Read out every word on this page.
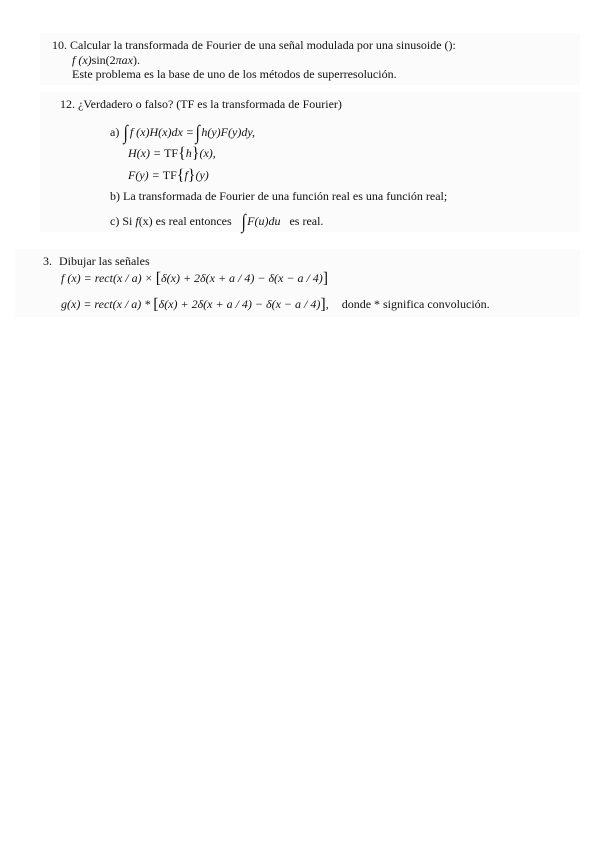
10. Calcular la transformada de Fourier de una señal modulada por una sinusoide ():
f (x)sin(2πax).
Este problema es la base de uno de los métodos de superresolución.
12. ¿Verdadero o falso? (TF es la transformada de Fourier)
a) ∫ f (x)H(x)dx =∫ h(y)F(y)dy,
H(x) = TF{h}(x),
F(y) = TF{f}(y)
b) La transformada de Fourier de una función real es una función real;
c) Si f(x) es real entonces ∫ F(u)du es real.
3. Dibujar las señales
f (x) = rect(x / a) × [δ(x) + 2δ(x + a / 4) − δ(x − a / 4)]
g(x) = rect(x / a) * [δ(x) + 2δ(x + a / 4) − δ(x − a / 4)], donde * significa convolución.
